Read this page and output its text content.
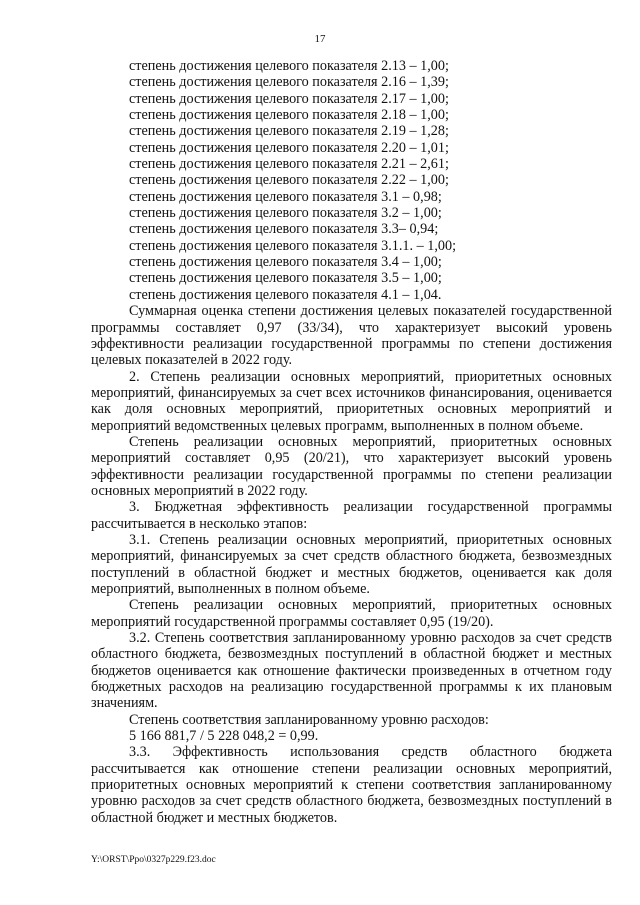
17
степень достижения целевого показателя 2.13 – 1,00;
степень достижения целевого показателя 2.16 – 1,39;
степень достижения целевого показателя 2.17 – 1,00;
степень достижения целевого показателя 2.18 – 1,00;
степень достижения целевого показателя 2.19 – 1,28;
степень достижения целевого показателя 2.20 – 1,01;
степень достижения целевого показателя 2.21 – 2,61;
степень достижения целевого показателя 2.22 – 1,00;
степень достижения целевого показателя 3.1 – 0,98;
степень достижения целевого показателя 3.2 – 1,00;
степень достижения целевого показателя 3.3– 0,94;
степень достижения целевого показателя 3.1.1. – 1,00;
степень достижения целевого показателя 3.4 – 1,00;
степень достижения целевого показателя 3.5 – 1,00;
степень достижения целевого показателя 4.1 – 1,04.

Суммарная оценка степени достижения целевых показателей государственной программы составляет 0,97 (33/34), что характеризует высокий уровень эффективности реализации государственной программы по степени достижения целевых показателей в 2022 году.

2. Степень реализации основных мероприятий, приоритетных основных мероприятий, финансируемых за счет всех источников финансирования, оценивается как доля основных мероприятий, приоритетных основных мероприятий и мероприятий ведомственных целевых программ, выполненных в полном объеме.

Степень реализации основных мероприятий, приоритетных основных мероприятий составляет 0,95 (20/21), что характеризует высокий уровень эффективности реализации государственной программы по степени реализации основных мероприятий в 2022 году.

3. Бюджетная эффективность реализации государственной программы рассчитывается в несколько этапов:

3.1. Степень реализации основных мероприятий, приоритетных основных мероприятий, финансируемых за счет средств областного бюджета, безвозмездных поступлений в областной бюджет и местных бюджетов, оценивается как доля мероприятий, выполненных в полном объеме.

Степень реализации основных мероприятий, приоритетных основных мероприятий государственной программы составляет 0,95 (19/20).

3.2. Степень соответствия запланированному уровню расходов за счет средств областного бюджета, безвозмездных поступлений в областной бюджет и местных бюджетов оценивается как отношение фактически произведенных в отчетном году бюджетных расходов на реализацию государственной программы к их плановым значениям.

Степень соответствия запланированному уровню расходов:
5 166 881,7 / 5 228 048,2 = 0,99.

3.3. Эффективность использования средств областного бюджета рассчитывается как отношение степени реализации основных мероприятий, приоритетных основных мероприятий к степени соответствия запланированному уровню расходов за счет средств областного бюджета, безвозмездных поступлений в областной бюджет и местных бюджетов.

Y:\ORST\Ppo\0327p229.f23.doc
